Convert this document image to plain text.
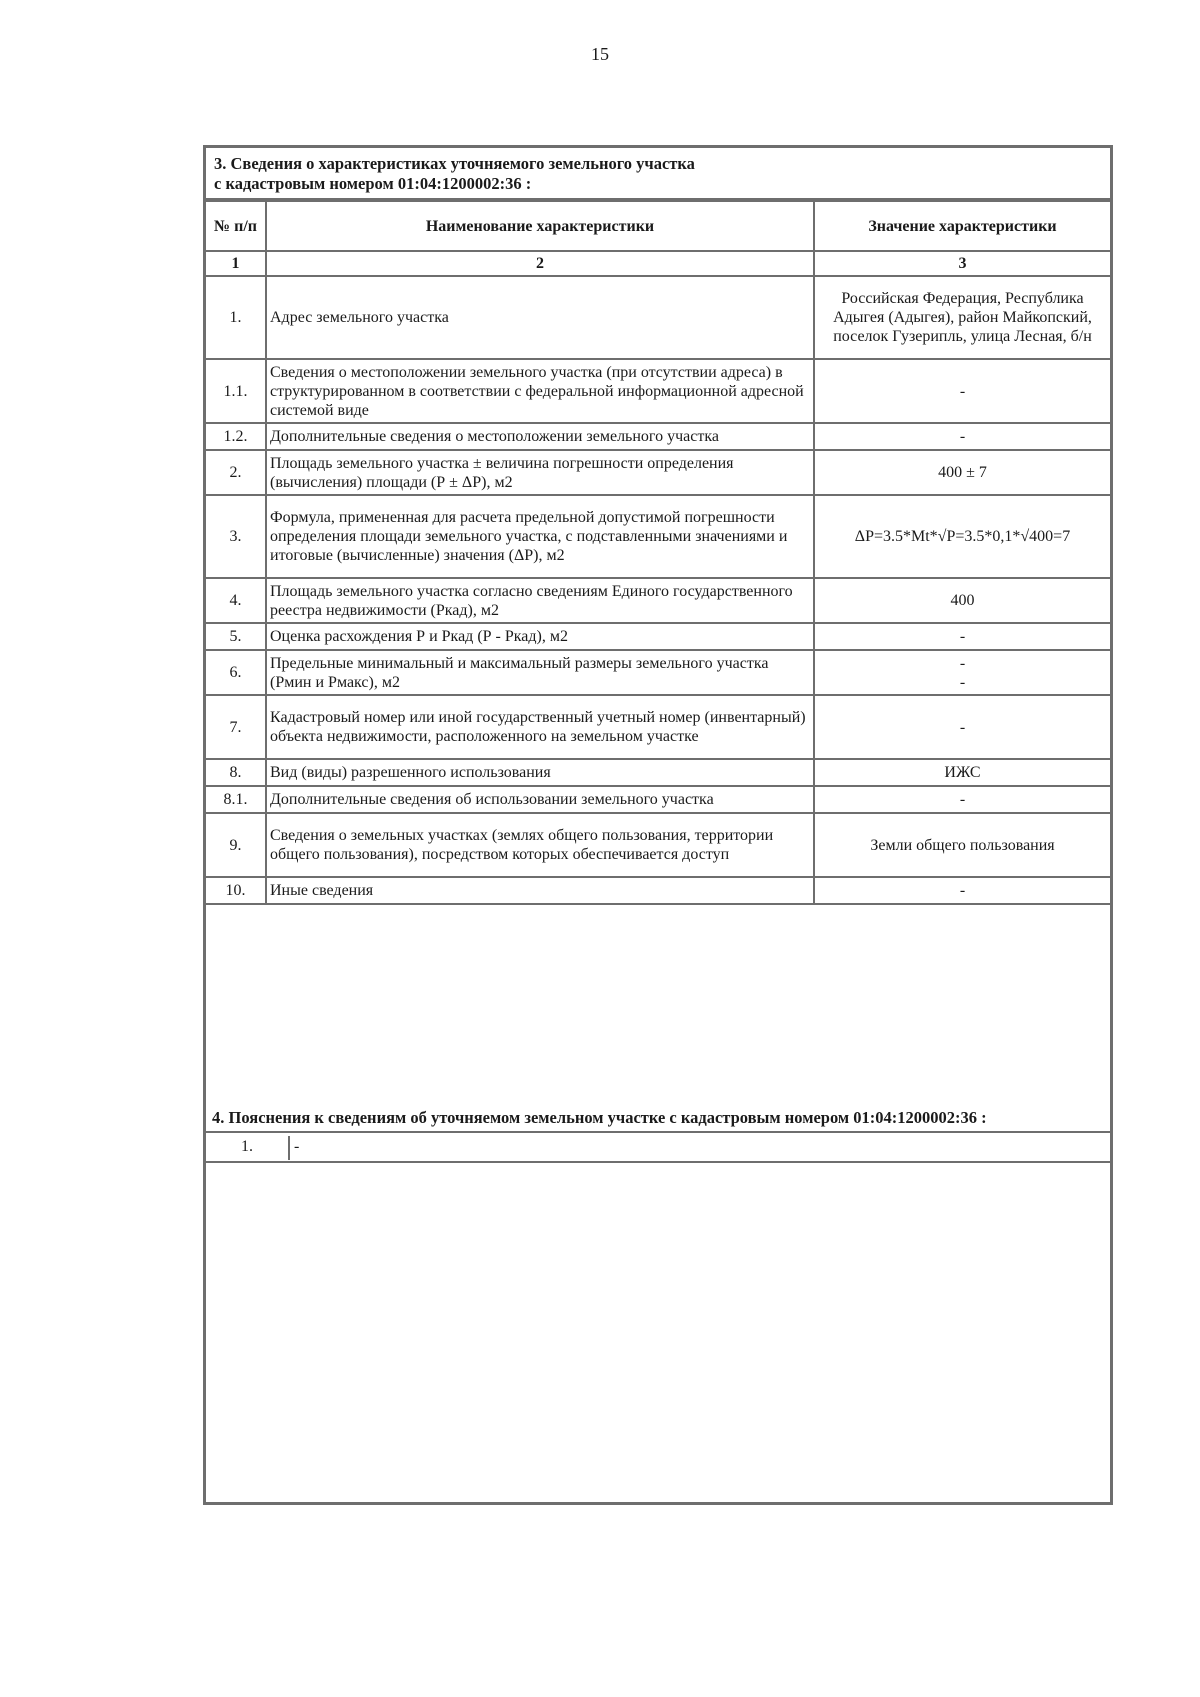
15
3. Сведения о характеристиках уточняемого земельного участка
с кадастровым номером 01:04:1200002:36 :
№ п/п	Наименование характеристики	Значение характеристики
1	2	3
1.	Адрес земельного участка	Российская Федерация, Республика Адыгея (Адыгея), район Майкопский, поселок Гузерипль, улица Лесная, б/н
1.1.	Сведения о местоположении земельного участка (при отсутствии адреса) в структурированном в соответствии с федеральной информационной адресной системой виде	-
1.2.	Дополнительные сведения о местоположении земельного участка	-
2.	Площадь земельного участка ± величина погрешности определения (вычисления) площади (Р ± ΔР), м2	400 ± 7
3.	Формула, примененная для расчета предельной допустимой погрешности определения площади земельного участка, с подставленными значениями и итоговые (вычисленные) значения (ΔР), м2	ΔР=3.5*Mt*√Р=3.5*0,1*√400=7
4.	Площадь земельного участка согласно сведениям Единого государственного реестра недвижимости (Ркад), м2	400
5.	Оценка расхождения Р и Ркад (Р - Ркад), м2	-
6.	Предельные минимальный и максимальный размеры земельного участка (Рмин и Рмакс), м2	-
-
7.	Кадастровый номер или иной государственный учетный номер (инвентарный) объекта недвижимости, расположенного на земельном участке	-
8.	Вид (виды) разрешенного использования	ИЖС
8.1.	Дополнительные сведения об использовании земельного участка	-
9.	Сведения о земельных участках (землях общего пользования, территории общего пользования), посредством которых обеспечивается доступ	Земли общего пользования
10.	Иные сведения	-
4. Пояснения к сведениям об уточняемом земельном участке с кадастровым номером 01:04:1200002:36 :
1.	-
